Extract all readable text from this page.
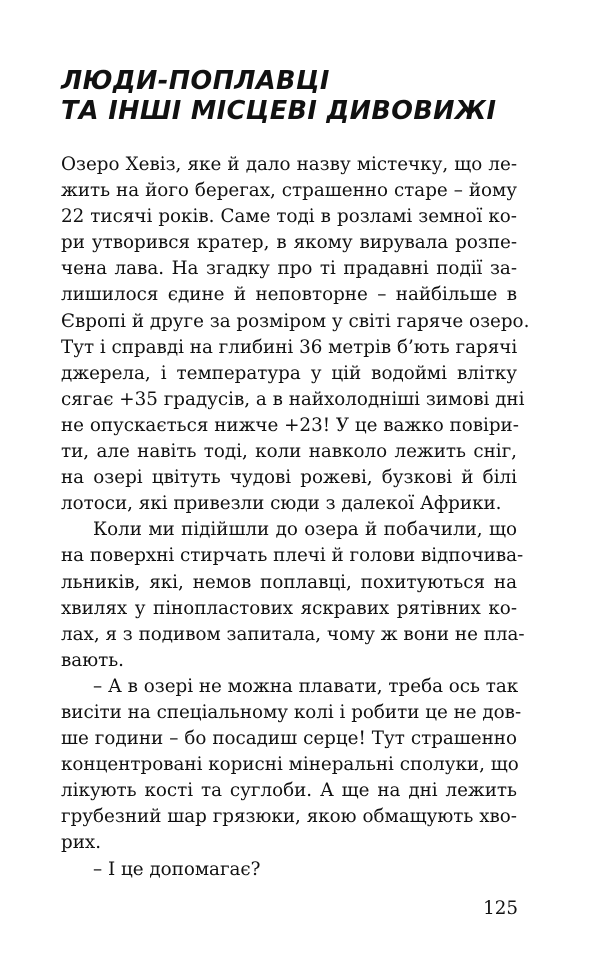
ЛЮДИ-ПОПЛАВЦІ
ТА ІНШІ МІСЦЕВІ ДИВОВИЖІ
Озеро Хевіз, яке й дало назву містечку, що ле-
жить на його берегах, страшенно старе – йому
22 тисячі років. Саме тоді в розламі земної ко-
ри утворився кратер, в якому вирувала розпе-
чена лава. На згадку про ті прадавні події за-
лишилося єдине й неповторне – найбільше в
Європі й друге за розміром у світі гаряче озеро.
Тут і справді на глибині 36 метрів б’ють гарячі
джерела, і температура у цій водоймі влітку
сягає +35 градусів, а в найхолодніші зимові дні
не опускається нижче +23! У це важко повіри-
ти, але навіть тоді, коли навколо лежить сніг,
на озері цвітуть чудові рожеві, бузкові й білі
лотоси, які привезли сюди з далекої Африки.
Коли ми підійшли до озера й побачили, що
на поверхні стирчать плечі й голови відпочива-
льників, які, немов поплавці, похитуються на
хвилях у пінопластових яскравих рятівних ко-
лах, я з подивом запитала, чому ж вони не пла-
вають.
– А в озері не можна плавати, треба ось так
висіти на спеціальному колі і робити це не дов-
ше години – бо посадиш серце! Тут страшенно
концентровані корисні мінеральні сполуки, що
лікують кості та суглоби. А ще на дні лежить
грубезний шар грязюки, якою обмащують хво-
рих.
– І це допомагає?
125
